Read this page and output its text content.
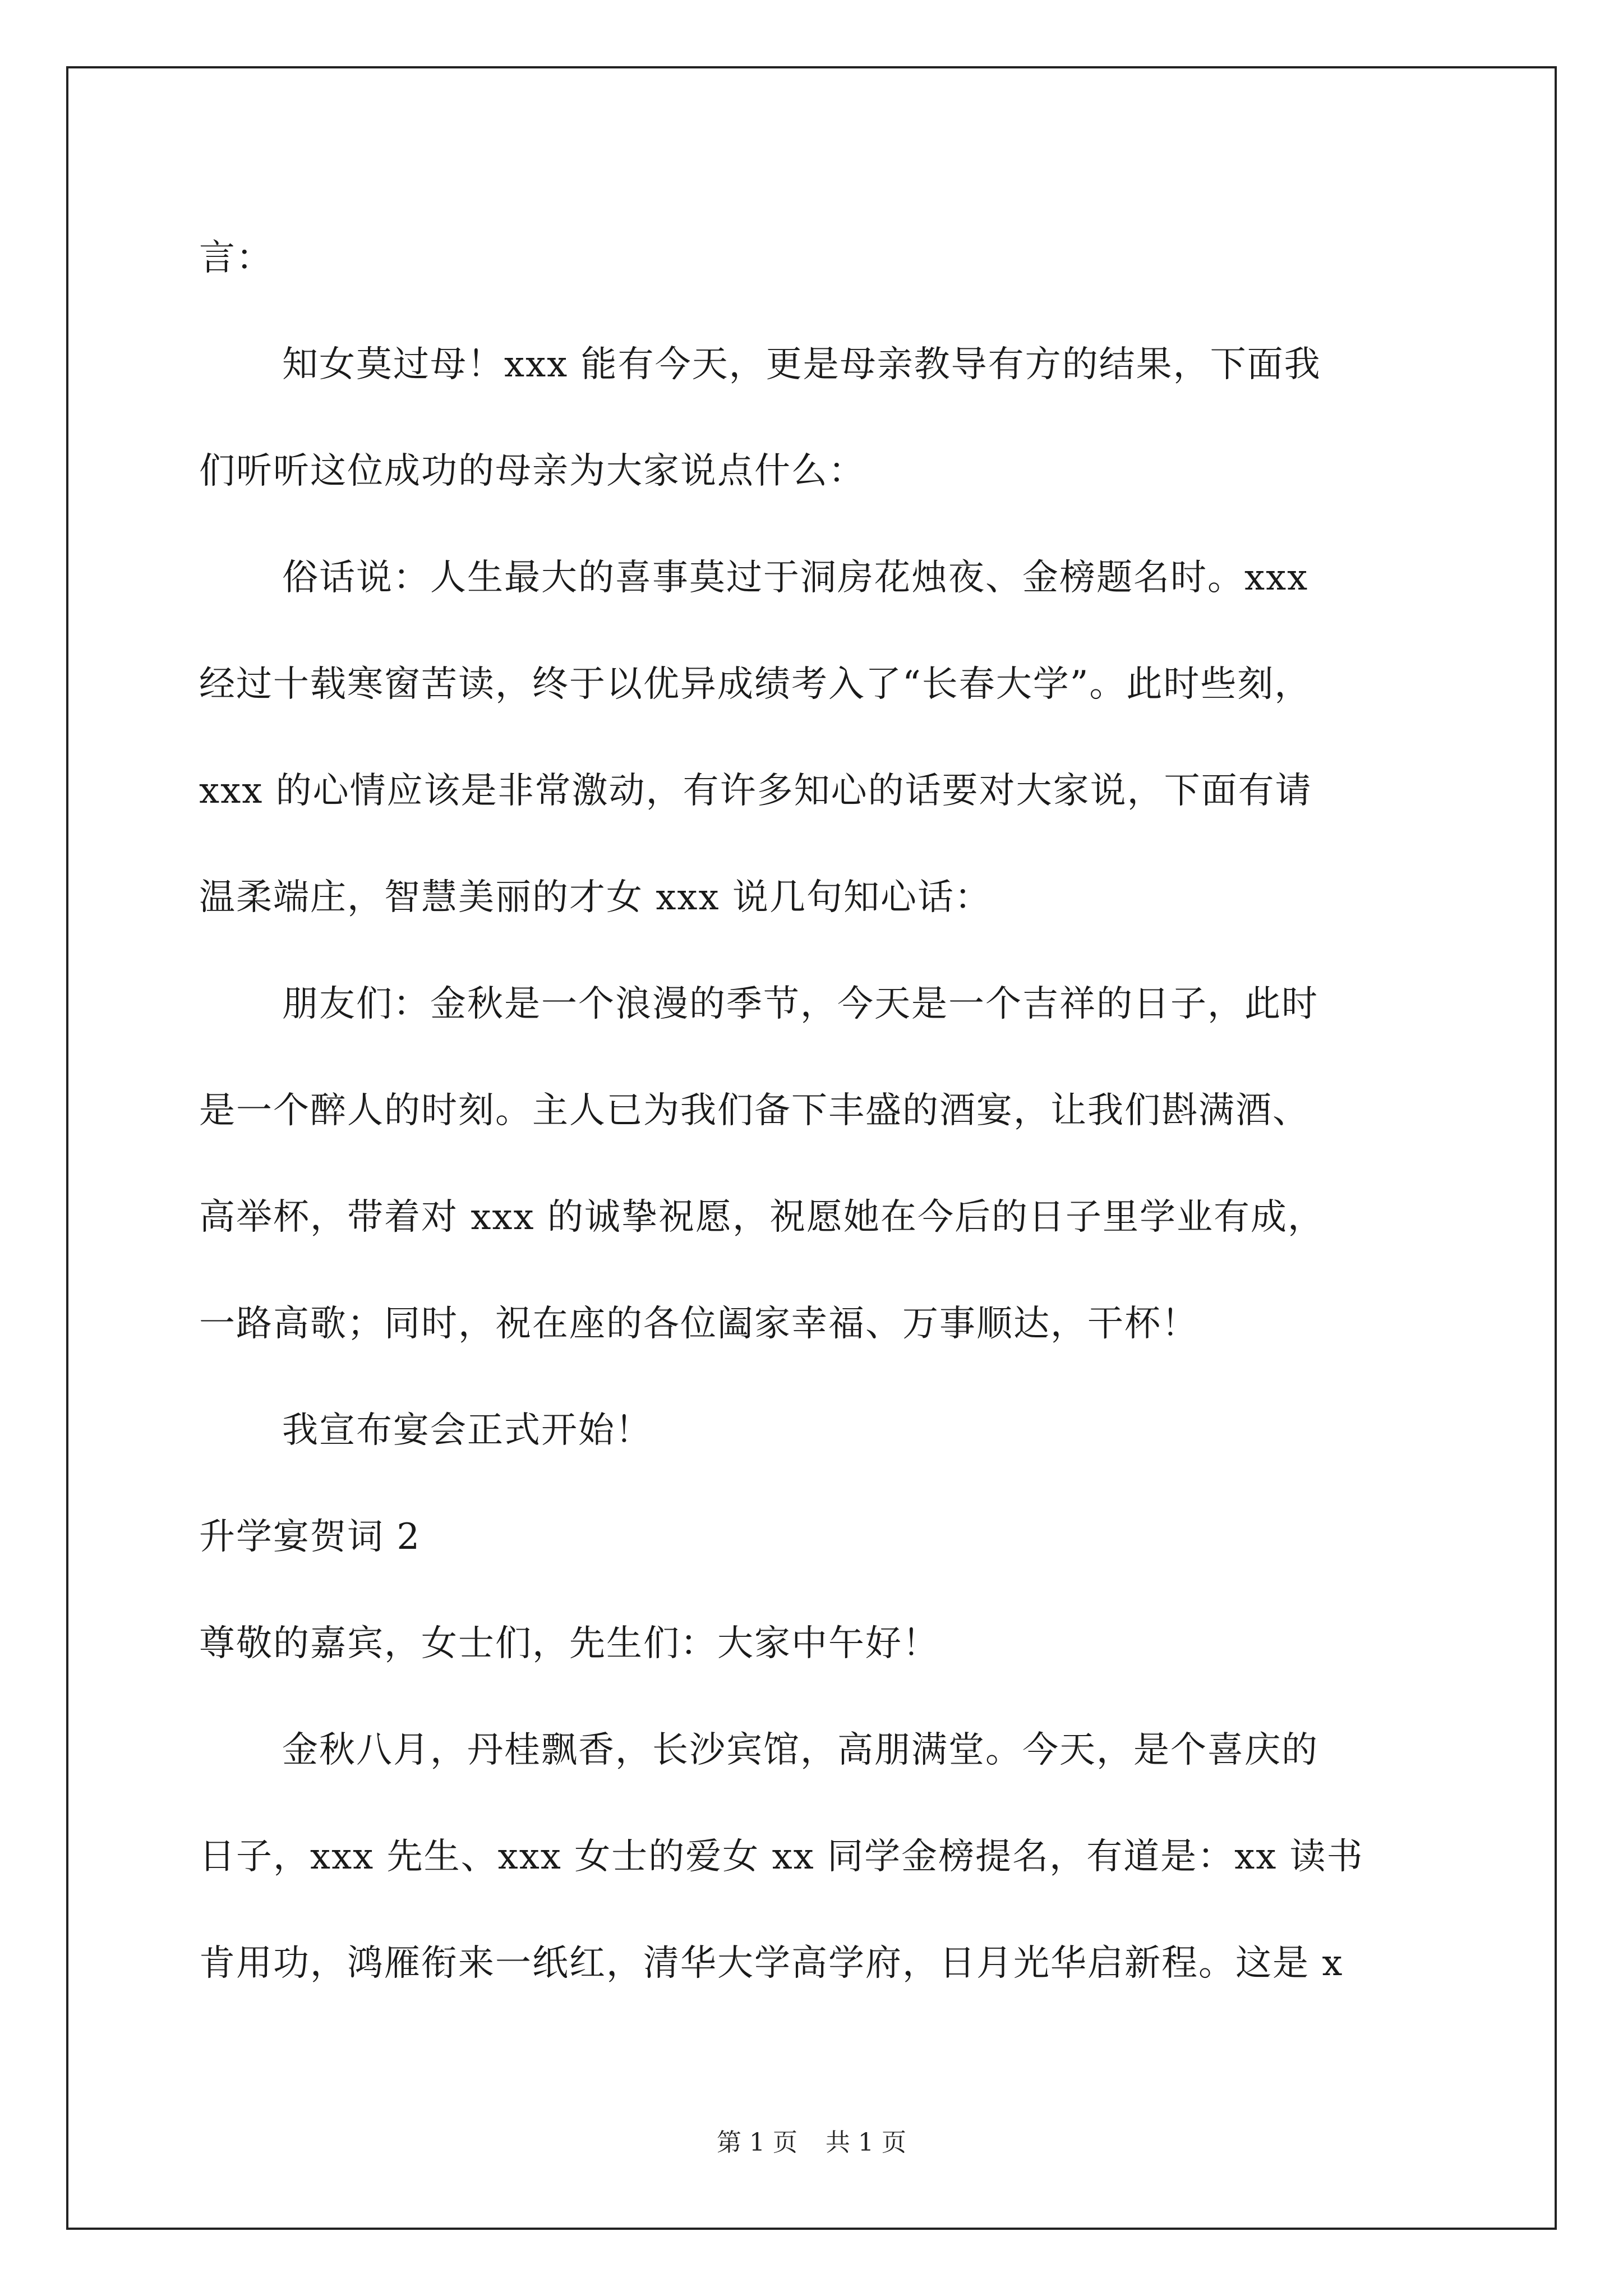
言：
知女莫过母！xxx 能有今天，更是母亲教导有方的结果，下面我
们听听这位成功的母亲为大家说点什么：
俗话说：人生最大的喜事莫过于洞房花烛夜、金榜题名时。xxx
经过十载寒窗苦读，终于以优异成绩考入了“长春大学”。此时些刻，
xxx 的心情应该是非常激动，有许多知心的话要对大家说，下面有请
温柔端庄，智慧美丽的才女 xxx 说几句知心话：
朋友们：金秋是一个浪漫的季节，今天是一个吉祥的日子，此时
是一个醉人的时刻。主人已为我们备下丰盛的酒宴，让我们斟满酒、
高举杯，带着对 xxx 的诚挚祝愿，祝愿她在今后的日子里学业有成，
一路高歌；同时，祝在座的各位阖家幸福、万事顺达，干杯！
我宣布宴会正式开始！
升学宴贺词 2
尊敬的嘉宾，女士们，先生们：大家中午好！
金秋八月，丹桂飘香，长沙宾馆，高朋满堂。今天，是个喜庆的
日子，xxx 先生、xxx 女士的爱女 xx 同学金榜提名，有道是：xx 读书
肯用功，鸿雁衔来一纸红，清华大学高学府，日月光华启新程。这是 x
第 1 页 共 1 页
